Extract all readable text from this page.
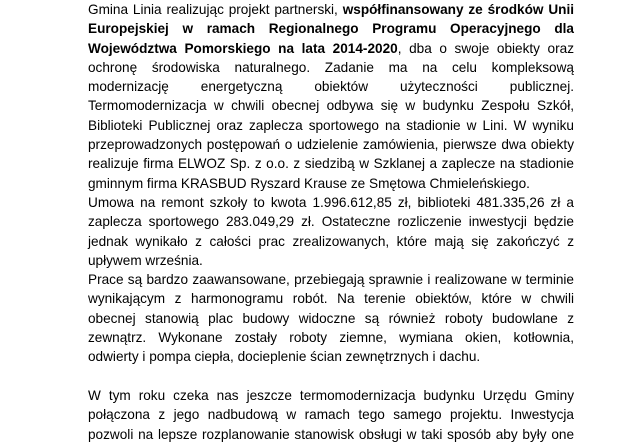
Gmina Linia realizując projekt partnerski, współfinansowany ze środków Unii
Europejskiej w ramach Regionalnego Programu Operacyjnego dla
Województwa Pomorskiego na lata 2014-2020, dba o swoje obiekty oraz
ochronę środowiska naturalnego. Zadanie ma na celu kompleksową
modernizację energetyczną obiektów użyteczności publicznej.
Termomodernizacja w chwili obecnej odbywa się w budynku Zespołu Szkół,
Biblioteki Publicznej oraz zaplecza sportowego na stadionie w Lini. W wyniku
przeprowadzonych postępowań o udzielenie zamówienia, pierwsze dwa obiekty
realizuje firma ELWOZ Sp. z o.o. z siedzibą w Szklanej a zaplecze na stadionie
gminnym firma KRASBUD Ryszard Krause ze Smętowa Chmieleńskiego.
Umowa na remont szkoły to kwota 1.996.612,85 zł, biblioteki 481.335,26 zł a
zaplecza sportowego 283.049,29 zł. Ostateczne rozliczenie inwestycji będzie
jednak wynikało z całości prac zrealizowanych, które mają się zakończyć z
upływem września.
Prace są bardzo zaawansowane, przebiegają sprawnie i realizowane w terminie
wynikającym z harmonogramu robót. Na terenie obiektów, które w chwili
obecnej stanowią plac budowy widoczne są również roboty budowlane z
zewnątrz. Wykonane zostały roboty ziemne, wymiana okien, kotłownia,
odwierty i pompa ciepła, docieplenie ścian zewnętrznych i dachu.
W tym roku czeka nas jeszcze termomodernizacja budynku Urzędu Gminy
połączona z jego nadbudową w ramach tego samego projektu. Inwestycja
pozwoli na lepsze rozplanowanie stanowisk obsługi w taki sposób aby były one
